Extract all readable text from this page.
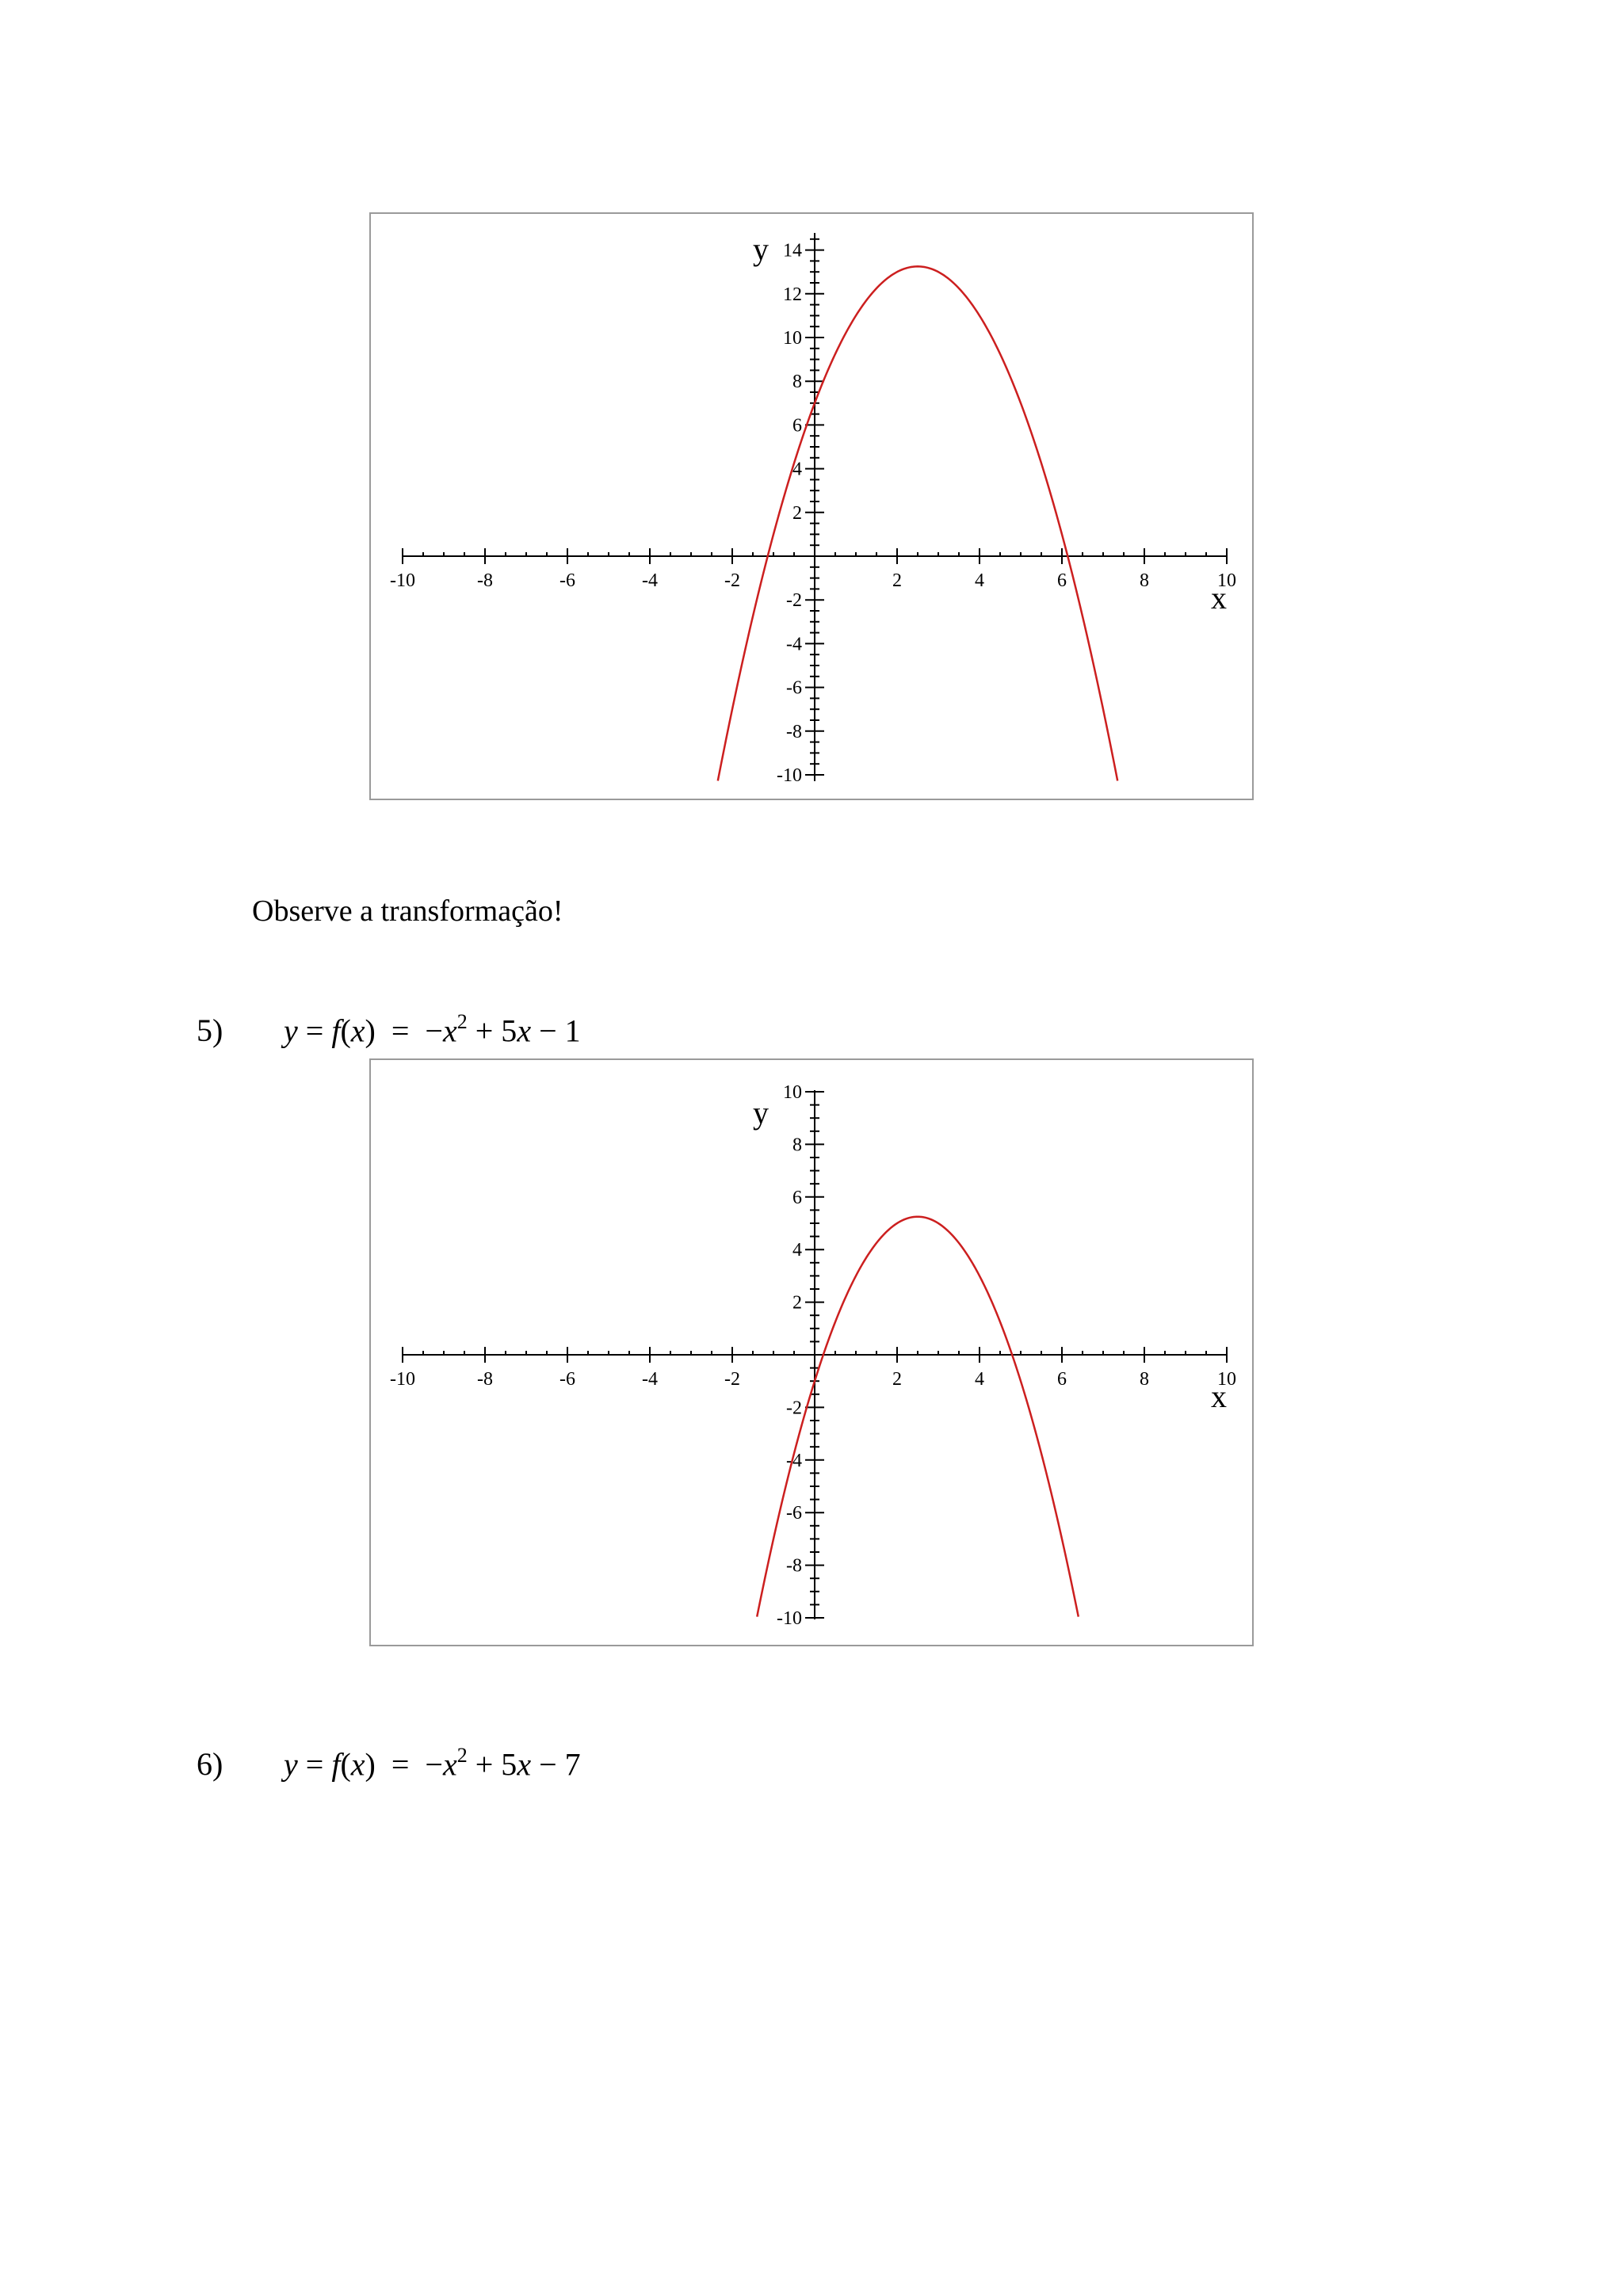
-10	-8	-6	-4	-2	2	4	6	8	10
-10
-8
-6
-4
-2
2
4
6
8
10
12
14
y
x
Observe a transformação!
5) $y = f(x) = -x^2 + 5x - 1$
-10	-8	-6	-4	-2	2	4	6	8	10
-10
-8
-6
-4
-2
2
4
6
8
10
y
x
6) $y = f(x) = -x^2 + 5x - 7$
